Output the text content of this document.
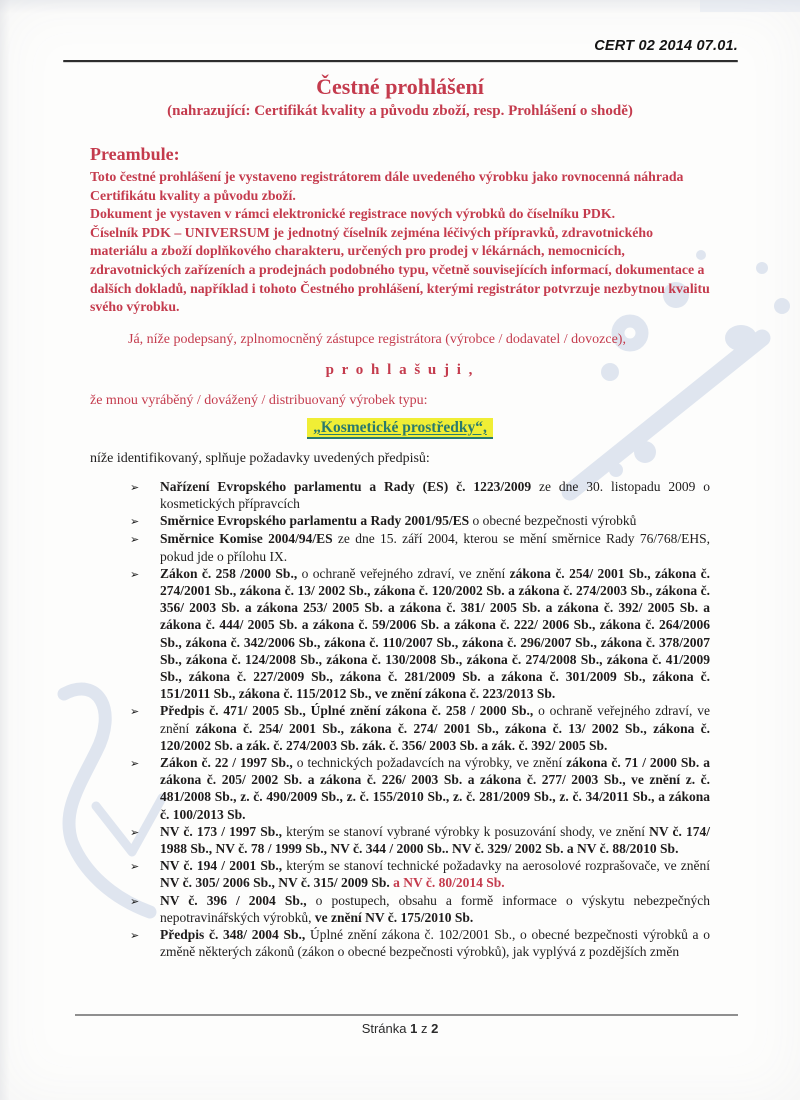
CERT 02 2014 07.01.
Čestné prohlášení
(nahrazující: Certifikát kvality a původu zboží, resp. Prohlášení o shodě)
Preambule:
Toto čestné prohlášení je vystaveno registrátorem dále uvedeného výrobku jako rovnocenná náhrada Certifikátu kvality a původu zboží.
Dokument je vystaven v rámci elektronické registrace nových výrobků do číselníku PDK.
Číselník PDK – UNIVERSUM je jednotný číselník zejména léčivých přípravků, zdravotnického materiálu a zboží doplňkového charakteru, určených pro prodej v lékárnách, nemocnicích, zdravotnických zařízeních a prodejnách podobného typu, včetně souvisejících informací, dokumentace a dalších dokladů, například i tohoto Čestného prohlášení, kterými registrátor potvrzuje nezbytnou kvalitu svého výrobku.
Já, níže podepsaný, zplnomocněný zástupce registrátora (výrobce / dodavatel / dovozce),
p r o h l a š u j i ,
že mnou vyráběný / dovážený / distribuovaný výrobek typu:
„Kosmetické prostředky“,
níže identifikovaný, splňuje požadavky uvedených předpisů:
➢	Nařízení Evropského parlamentu a Rady (ES) č. 1223/2009 ze dne 30. listopadu 2009 o kosmetických přípravcích
➢	Směrnice Evropského parlamentu a Rady 2001/95/ES o obecné bezpečnosti výrobků
➢	Směrnice Komise 2004/94/ES ze dne 15. září 2004, kterou se mění směrnice Rady 76/768/EHS, pokud jde o přílohu IX.
➢	Zákon č. 258 /2000 Sb., o ochraně veřejného zdraví, ve znění zákona č. 254/ 2001 Sb., zákona č. 274/2001 Sb., zákona č. 13/ 2002 Sb., zákona č. 120/2002 Sb. a zákona č. 274/2003 Sb., zákona č. 356/ 2003 Sb. a zákona 253/ 2005 Sb. a zákona č. 381/ 2005 Sb. a zákona č. 392/ 2005 Sb. a zákona č. 444/ 2005 Sb. a zákona č. 59/2006 Sb. a zákona č. 222/ 2006 Sb., zákona č. 264/2006 Sb., zákona č. 342/2006 Sb., zákona č. 110/2007 Sb., zákona č. 296/2007 Sb., zákona č. 378/2007 Sb., zákona č. 124/2008 Sb., zákona č. 130/2008 Sb., zákona č. 274/2008 Sb., zákona č. 41/2009 Sb., zákona č. 227/2009 Sb., zákona č. 281/2009 Sb. a zákona č. 301/2009 Sb., zákona č. 151/2011 Sb., zákona č. 115/2012 Sb., ve znění zákona č. 223/2013 Sb.
➢	Předpis č. 471/ 2005 Sb., Úplné znění zákona č. 258 / 2000 Sb., o ochraně veřejného zdraví, ve znění zákona č. 254/ 2001 Sb., zákona č. 274/ 2001 Sb., zákona č. 13/ 2002 Sb., zákona č. 120/2002 Sb. a zák. č. 274/2003 Sb. zák. č. 356/ 2003 Sb. a zák. č. 392/ 2005 Sb.
➢	Zákon č. 22 / 1997 Sb., o technických požadavcích na výrobky, ve znění zákona č. 71 / 2000 Sb. a zákona č. 205/ 2002 Sb. a zákona č. 226/ 2003 Sb. a zákona č. 277/ 2003 Sb., ve znění z. č. 481/2008 Sb., z. č. 490/2009 Sb., z. č. 155/2010 Sb., z. č. 281/2009 Sb., z. č. 34/2011 Sb., a zákona č. 100/2013 Sb.
➢	NV č. 173 / 1997 Sb., kterým se stanoví vybrané výrobky k posuzování shody, ve znění NV č. 174/ 1988 Sb., NV č. 78 / 1999 Sb., NV č. 344 / 2000 Sb.. NV č. 329/ 2002 Sb. a NV č. 88/2010 Sb.
➢	NV č. 194 / 2001 Sb., kterým se stanoví technické požadavky na aerosolové rozprašovače, ve znění NV č. 305/ 2006 Sb., NV č. 315/ 2009 Sb. a NV č. 80/2014 Sb.
➢	NV č. 396 / 2004 Sb., o postupech, obsahu a formě informace o výskytu nebezpečných nepotravinářských výrobků, ve znění NV č. 175/2010 Sb.
➢	Předpis č. 348/ 2004 Sb., Úplné znění zákona č. 102/2001 Sb., o obecné bezpečnosti výrobků a o změně některých zákonů (zákon o obecné bezpečnosti výrobků), jak vyplývá z pozdějších změn
Stránka 1 z 2
